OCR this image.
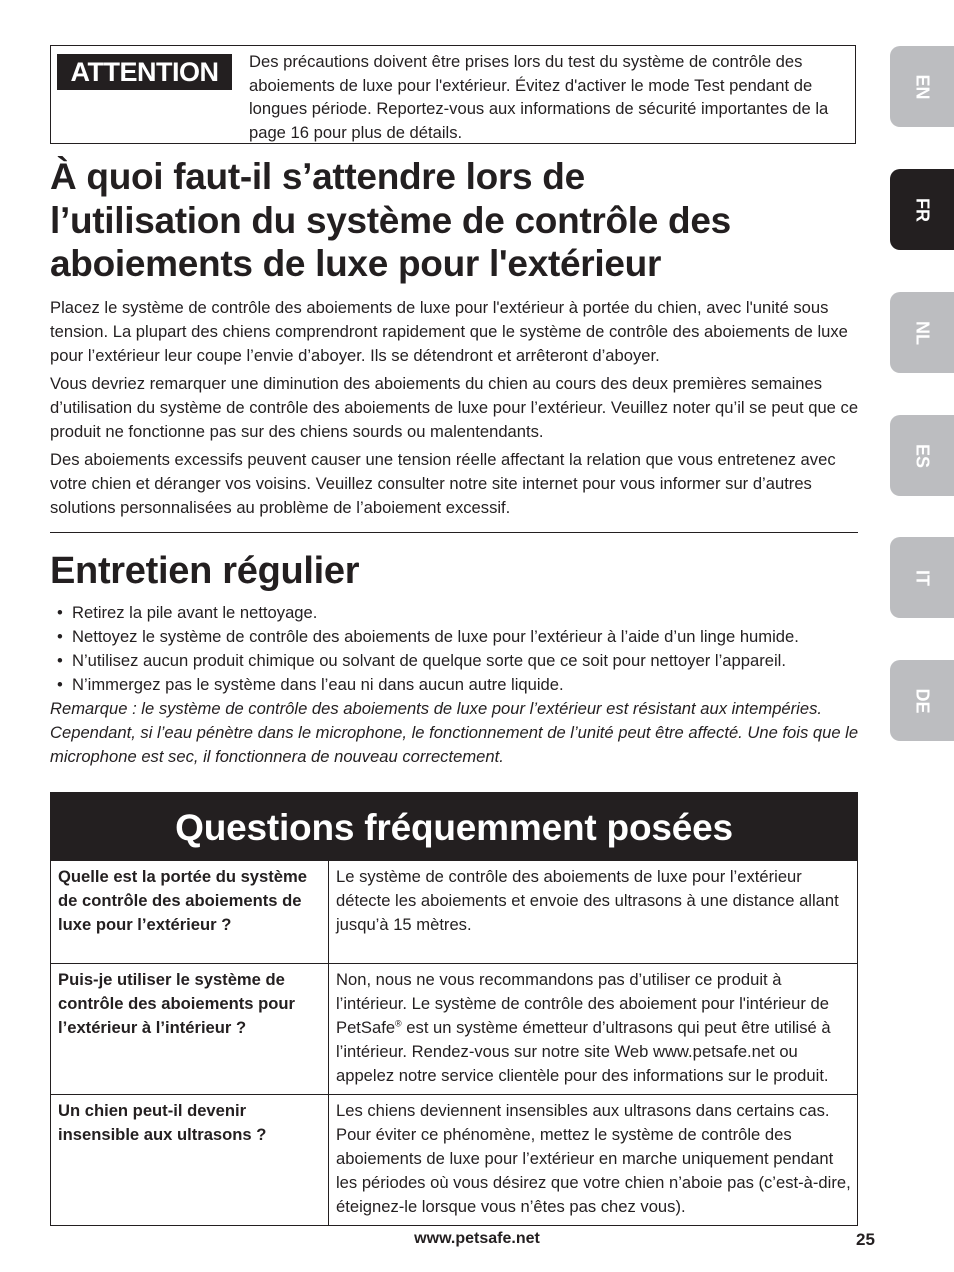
ATTENTION	Des précautions doivent être prises lors du test du système de contrôle des aboiements de luxe pour l'extérieur. Évitez d'activer le mode Test pendant de longues période. Reportez-vous aux informations de sécurité importantes de la page 16 pour plus de détails.
À quoi faut-il s’attendre lors de
l’utilisation du système de contrôle des
aboiements de luxe pour l'extérieur

Placez le système de contrôle des aboiements de luxe pour l'extérieur à portée du chien, avec l'unité sous tension. La plupart des chiens comprendront rapidement que le système de contrôle des aboiements de luxe pour l’extérieur leur coupe l’envie d’aboyer. Ils se détendront et arrêteront d’aboyer.

Vous devriez remarquer une diminution des aboiements du chien au cours des deux premières semaines d’utilisation du système de contrôle des aboiements de luxe pour l’extérieur. Veuillez noter qu’il se peut que ce produit ne fonctionne pas sur des chiens sourds ou malentendants.

Des aboiements excessifs peuvent causer une tension réelle affectant la relation que vous entretenez avec votre chien et déranger vos voisins. Veuillez consulter notre site internet pour vous informer sur d’autres solutions personnalisées au problème de l’aboiement excessif.

Entretien régulier
• Retirez la pile avant le nettoyage.
• Nettoyez le système de contrôle des aboiements de luxe pour l’extérieur à l’aide d’un linge humide.
• N’utilisez aucun produit chimique ou solvant de quelque sorte que ce soit pour nettoyer l’appareil.
• N’immergez pas le système dans l’eau ni dans aucun autre liquide.
Remarque : le système de contrôle des aboiements de luxe pour l’extérieur est résistant aux intempéries. Cependant, si l’eau pénètre dans le microphone, le fonctionnement de l’unité peut être affecté. Une fois que le microphone est sec, il fonctionnera de nouveau correctement.
Questions fréquemment posées
Quelle est la portée du système de contrôle des aboiements de luxe pour l’extérieur ?	Le système de contrôle des aboiements de luxe pour l’extérieur détecte les aboiements et envoie des ultrasons à une distance allant jusqu’à 15 mètres.
Puis-je utiliser le système de contrôle des aboiements pour l’extérieur à l’intérieur ?	Non, nous ne vous recommandons pas d’utiliser ce produit à l’intérieur. Le système de contrôle des aboiement pour l'intérieur de PetSafe® est un système émetteur d’ultrasons qui peut être utilisé à l’intérieur. Rendez-vous sur notre site Web www.petsafe.net ou appelez notre service clientèle pour des informations sur le produit.
Un chien peut-il devenir insensible aux ultrasons ?	Les chiens deviennent insensibles aux ultrasons dans certains cas. Pour éviter ce phénomène, mettez le système de contrôle des aboiements de luxe pour l’extérieur en marche uniquement pendant les périodes où vous désirez que votre chien n’aboie pas (c’est-à-dire, éteignez-le lorsque vous n’êtes pas chez vous).
EN
FR
NL
ES
IT
DE
www.petsafe.net	25
